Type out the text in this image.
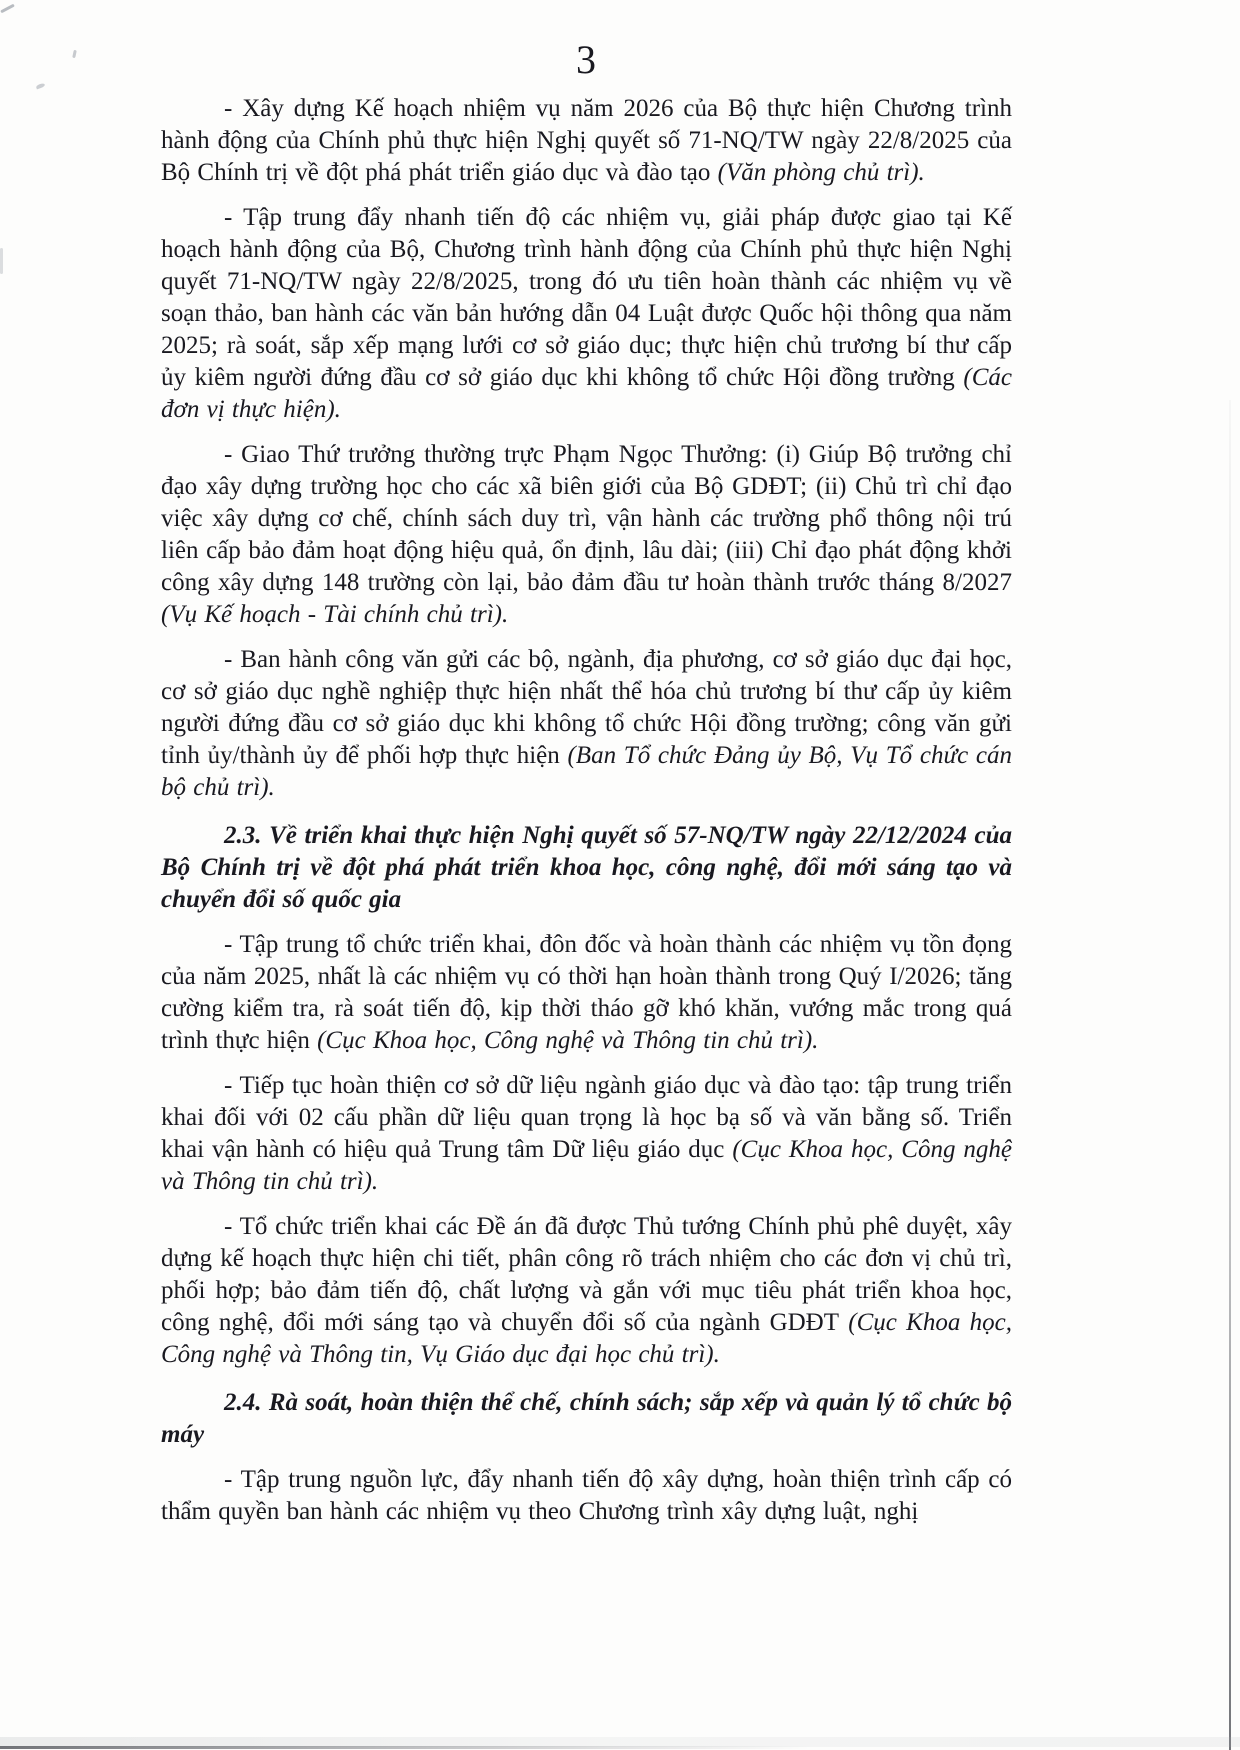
3

- Xây dựng Kế hoạch nhiệm vụ năm 2026 của Bộ thực hiện Chương trình hành động của Chính phủ thực hiện Nghị quyết số 71-NQ/TW ngày 22/8/2025 của Bộ Chính trị về đột phá phát triển giáo dục và đào tạo (Văn phòng chủ trì).

- Tập trung đẩy nhanh tiến độ các nhiệm vụ, giải pháp được giao tại Kế hoạch hành động của Bộ, Chương trình hành động của Chính phủ thực hiện Nghị quyết 71-NQ/TW ngày 22/8/2025, trong đó ưu tiên hoàn thành các nhiệm vụ về soạn thảo, ban hành các văn bản hướng dẫn 04 Luật được Quốc hội thông qua năm 2025; rà soát, sắp xếp mạng lưới cơ sở giáo dục; thực hiện chủ trương bí thư cấp ủy kiêm người đứng đầu cơ sở giáo dục khi không tổ chức Hội đồng trường (Các đơn vị thực hiện).

- Giao Thứ trưởng thường trực Phạm Ngọc Thưởng: (i) Giúp Bộ trưởng chỉ đạo xây dựng trường học cho các xã biên giới của Bộ GDĐT; (ii) Chủ trì chỉ đạo việc xây dựng cơ chế, chính sách duy trì, vận hành các trường phổ thông nội trú liên cấp bảo đảm hoạt động hiệu quả, ổn định, lâu dài; (iii) Chỉ đạo phát động khởi công xây dựng 148 trường còn lại, bảo đảm đầu tư hoàn thành trước tháng 8/2027 (Vụ Kế hoạch - Tài chính chủ trì).

- Ban hành công văn gửi các bộ, ngành, địa phương, cơ sở giáo dục đại học, cơ sở giáo dục nghề nghiệp thực hiện nhất thể hóa chủ trương bí thư cấp ủy kiêm người đứng đầu cơ sở giáo dục khi không tổ chức Hội đồng trường; công văn gửi tỉnh ủy/thành ủy để phối hợp thực hiện (Ban Tổ chức Đảng ủy Bộ, Vụ Tổ chức cán bộ chủ trì).

2.3. Về triển khai thực hiện Nghị quyết số 57-NQ/TW ngày 22/12/2024 của Bộ Chính trị về đột phá phát triển khoa học, công nghệ, đổi mới sáng tạo và chuyển đổi số quốc gia

- Tập trung tổ chức triển khai, đôn đốc và hoàn thành các nhiệm vụ tồn đọng của năm 2025, nhất là các nhiệm vụ có thời hạn hoàn thành trong Quý I/2026; tăng cường kiểm tra, rà soát tiến độ, kịp thời tháo gỡ khó khăn, vướng mắc trong quá trình thực hiện (Cục Khoa học, Công nghệ và Thông tin chủ trì).

- Tiếp tục hoàn thiện cơ sở dữ liệu ngành giáo dục và đào tạo: tập trung triển khai đối với 02 cấu phần dữ liệu quan trọng là học bạ số và văn bằng số. Triển khai vận hành có hiệu quả Trung tâm Dữ liệu giáo dục (Cục Khoa học, Công nghệ và Thông tin chủ trì).

- Tổ chức triển khai các Đề án đã được Thủ tướng Chính phủ phê duyệt, xây dựng kế hoạch thực hiện chi tiết, phân công rõ trách nhiệm cho các đơn vị chủ trì, phối hợp; bảo đảm tiến độ, chất lượng và gắn với mục tiêu phát triển khoa học, công nghệ, đổi mới sáng tạo và chuyển đổi số của ngành GDĐT (Cục Khoa học, Công nghệ và Thông tin, Vụ Giáo dục đại học chủ trì).

2.4. Rà soát, hoàn thiện thể chế, chính sách; sắp xếp và quản lý tổ chức bộ máy

- Tập trung nguồn lực, đẩy nhanh tiến độ xây dựng, hoàn thiện trình cấp có thẩm quyền ban hành các nhiệm vụ theo Chương trình xây dựng luật, nghị
